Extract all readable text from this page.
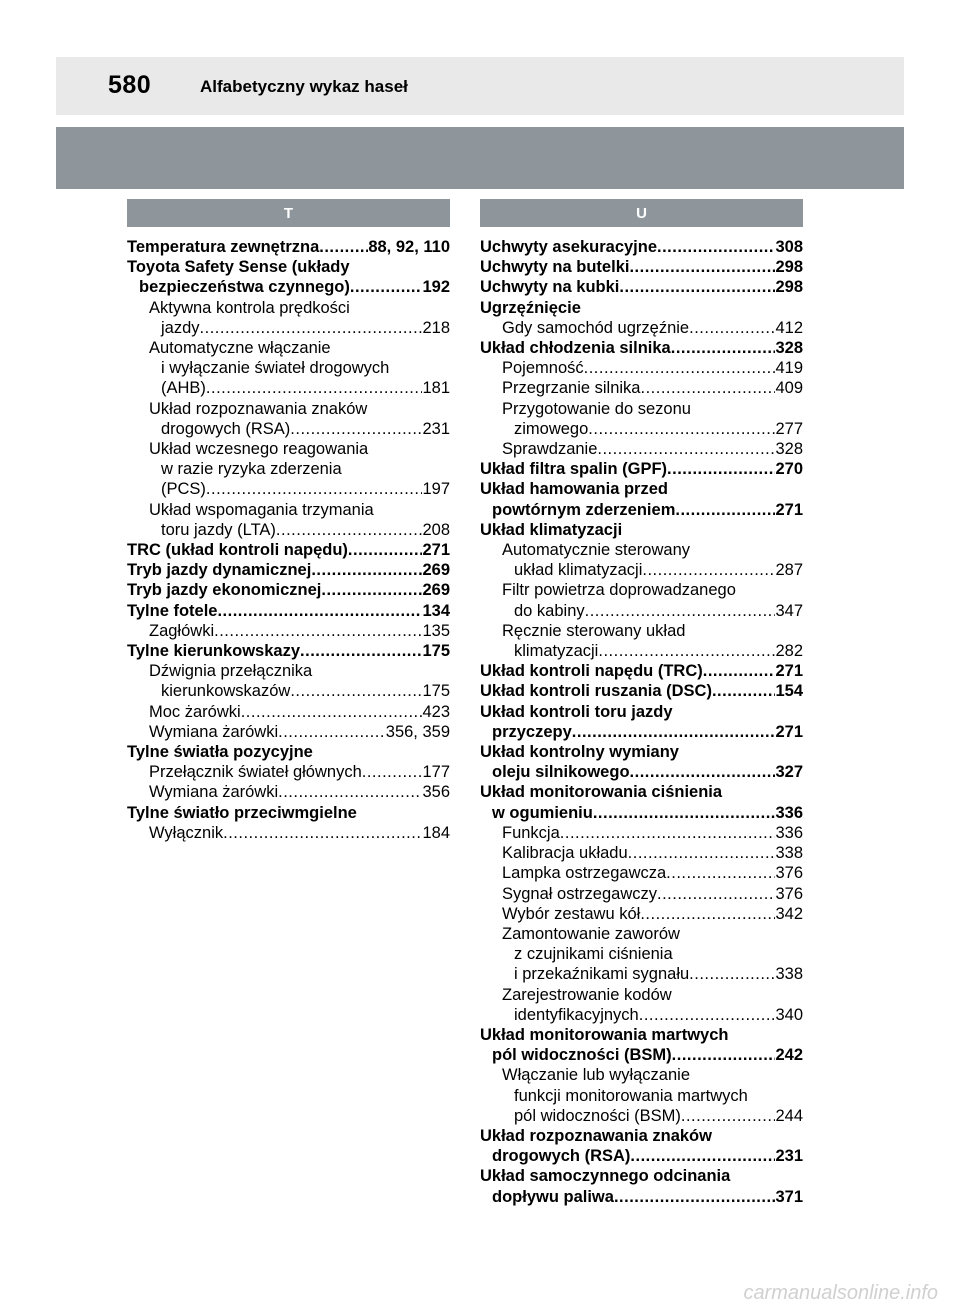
580	Alfabetyczny wykaz haseł
T
Temperatura zewnętrzna .....	88, 92, 110
Toyota Safety Sense (układy
bezpieczeństwa czynnego) .....	192
Aktywna kontrola prędkości
jazdy .....	218
Automatyczne włączanie
i wyłączanie świateł drogowych
(AHB) .....	181
Układ rozpoznawania znaków
drogowych (RSA) .....	231
Układ wczesnego reagowania
w razie ryzyka zderzenia
(PCS) .....	197
Układ wspomagania trzymania
toru jazdy (LTA) .....	208
TRC (układ kontroli napędu) .....	271
Tryb jazdy dynamicznej .....	269
Tryb jazdy ekonomicznej .....	269
Tylne fotele .....	134
Zagłówki .....	135
Tylne kierunkowskazy .....	175
Dźwignia przełącznika
kierunkowskazów .....	175
Moc żarówki .....	423
Wymiana żarówki .....	356, 359
Tylne światła pozycyjne
Przełącznik świateł głównych .....	177
Wymiana żarówki .....	356
Tylne światło przeciwmgielne
Wyłącznik .....	184
U
Uchwyty asekuracyjne .....	308
Uchwyty na butelki .....	298
Uchwyty na kubki .....	298
Ugrzęźnięcie
Gdy samochód ugrzęźnie .....	412
Układ chłodzenia silnika .....	328
Pojemność .....	419
Przegrzanie silnika .....	409
Przygotowanie do sezonu
zimowego .....	277
Sprawdzanie .....	328
Układ filtra spalin (GPF) .....	270
Układ hamowania przed
powtórnym zderzeniem .....	271
Układ klimatyzacji
Automatycznie sterowany
układ klimatyzacji .....	287
Filtr powietrza doprowadzanego
do kabiny .....	347
Ręcznie sterowany układ
klimatyzacji .....	282
Układ kontroli napędu (TRC) .....	271
Układ kontroli ruszania (DSC) .....	154
Układ kontroli toru jazdy
przyczepy .....	271
Układ kontrolny wymiany
oleju silnikowego .....	327
Układ monitorowania ciśnienia
w ogumieniu .....	336
Funkcja .....	336
Kalibracja układu .....	338
Lampka ostrzegawcza .....	376
Sygnał ostrzegawczy .....	376
Wybór zestawu kół .....	342
Zamontowanie zaworów
z czujnikami ciśnienia
i przekaźnikami sygnału .....	338
Zarejestrowanie kodów
identyfikacyjnych .....	340
Układ monitorowania martwych
pól widoczności (BSM) .....	242
Włączanie lub wyłączanie
funkcji monitorowania martwych
pól widoczności (BSM) .....	244
Układ rozpoznawania znaków
drogowych (RSA) .....	231
Układ samoczynnego odcinania
dopływu paliwa .....	371
carmanualsonline.info
